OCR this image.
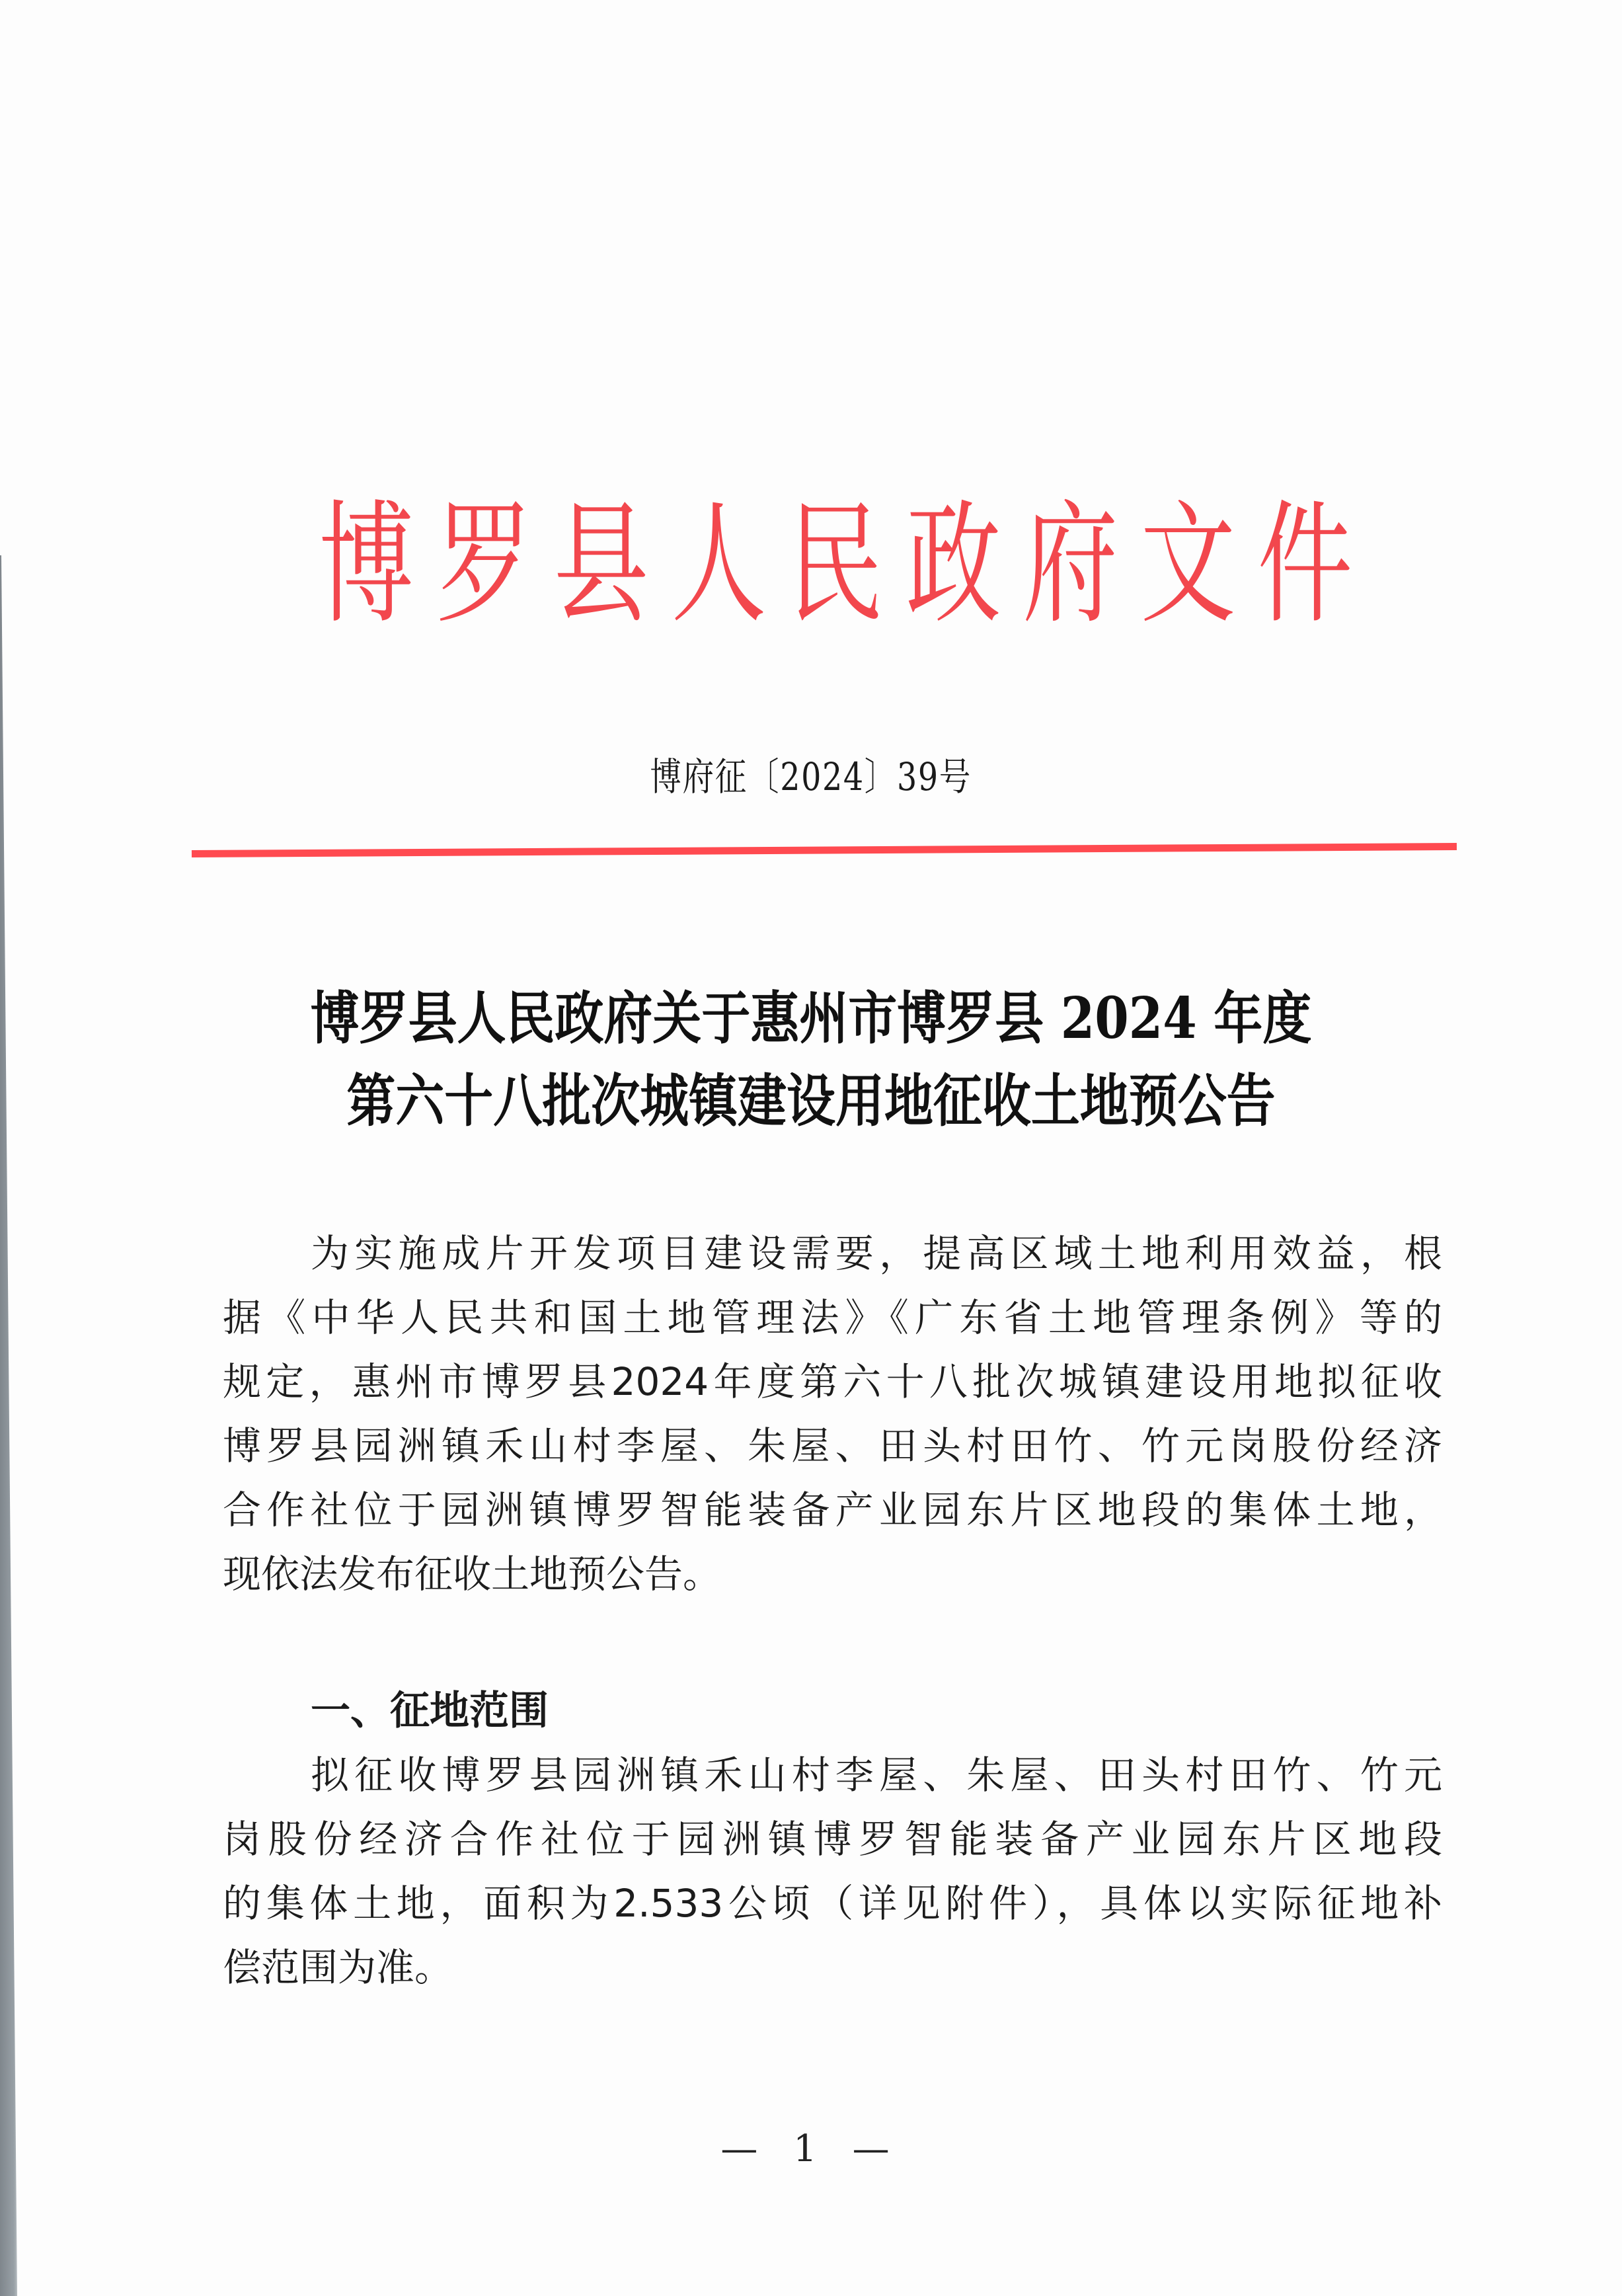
博 罗 县 人 民 政 府 文 件
博府征〔2024〕39号
博罗县人民政府关于惠州市博罗县 2024 年度
第六十八批次城镇建设用地征收土地预公告
为实施成片开发项目建设需要，提高区域土地利用效益，根
据《中华人民共和国土地管理法》《广东省土地管理条例》等的
规定，惠州市博罗县2024年度第六十八批次城镇建设用地拟征收
博罗县园洲镇禾山村李屋、朱屋、田头村田竹、竹元岗股份经济
合作社位于园洲镇博罗智能装备产业园东片区地段的集体土地，
现依法发布征收土地预公告。
一、征地范围
拟征收博罗县园洲镇禾山村李屋、朱屋、田头村田竹、竹元
岗股份经济合作社位于园洲镇博罗智能装备产业园东片区地段
的集体土地，面积为2.533公顷（详见附件），具体以实际征地补
偿范围为准。
— 1 —
